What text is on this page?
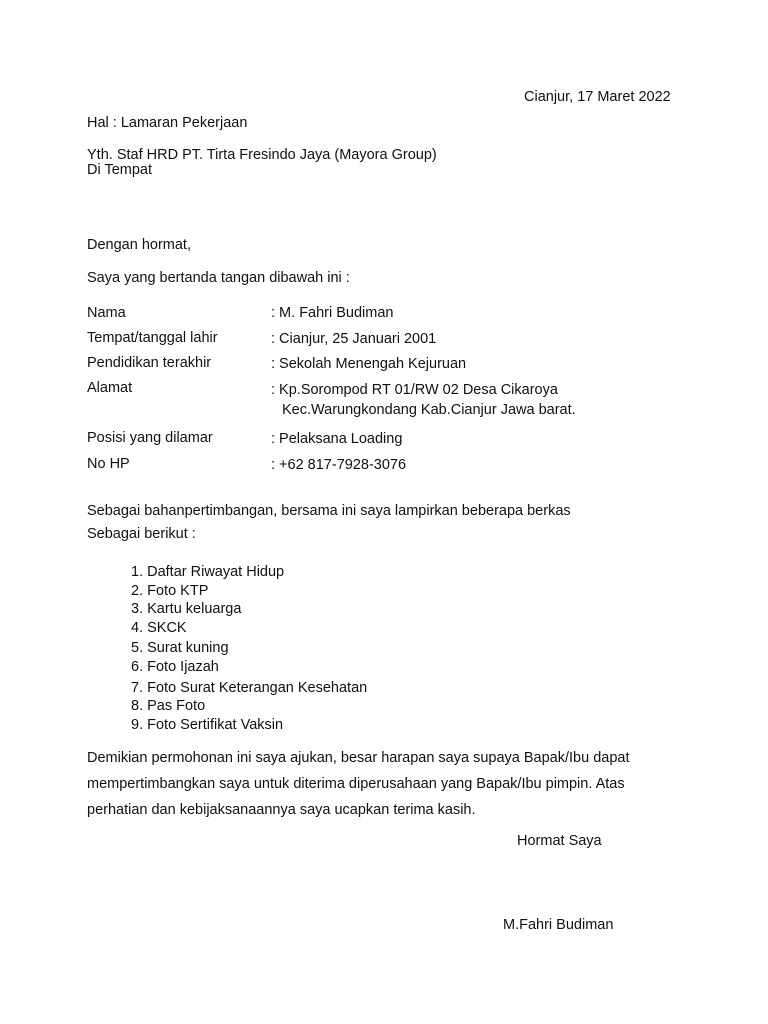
Cianjur, 17 Maret 2022
Hal : Lamaran Pekerjaan
Yth. Staf HRD PT. Tirta Fresindo Jaya (Mayora Group)
Di Tempat
Dengan hormat,
Saya yang bertanda tangan dibawah ini :
Nama	: M. Fahri Budiman
Tempat/tanggal lahir	: Cianjur, 25 Januari 2001
Pendidikan terakhir	: Sekolah Menengah Kejuruan
Alamat	: Kp.Sorompod RT 01/RW 02 Desa Cikaroya
Kec.Warungkondang Kab.Cianjur Jawa barat.
Posisi yang dilamar	: Pelaksana Loading
No HP	: +62 817-7928-3076
Sebagai bahanpertimbangan, bersama ini saya lampirkan beberapa berkas
Sebagai berikut :
1. Daftar Riwayat Hidup
2. Foto KTP
3. Kartu keluarga
4. SKCK
5. Surat kuning
6. Foto Ijazah
7. Foto Surat Keterangan Kesehatan
8. Pas Foto
9. Foto Sertifikat Vaksin
Demikian permohonan ini saya ajukan, besar harapan saya supaya Bapak/Ibu dapat
mempertimbangkan saya untuk diterima diperusahaan yang Bapak/Ibu pimpin. Atas
perhatian dan kebijaksanaannya saya ucapkan terima kasih.
Hormat Saya
M.Fahri Budiman
